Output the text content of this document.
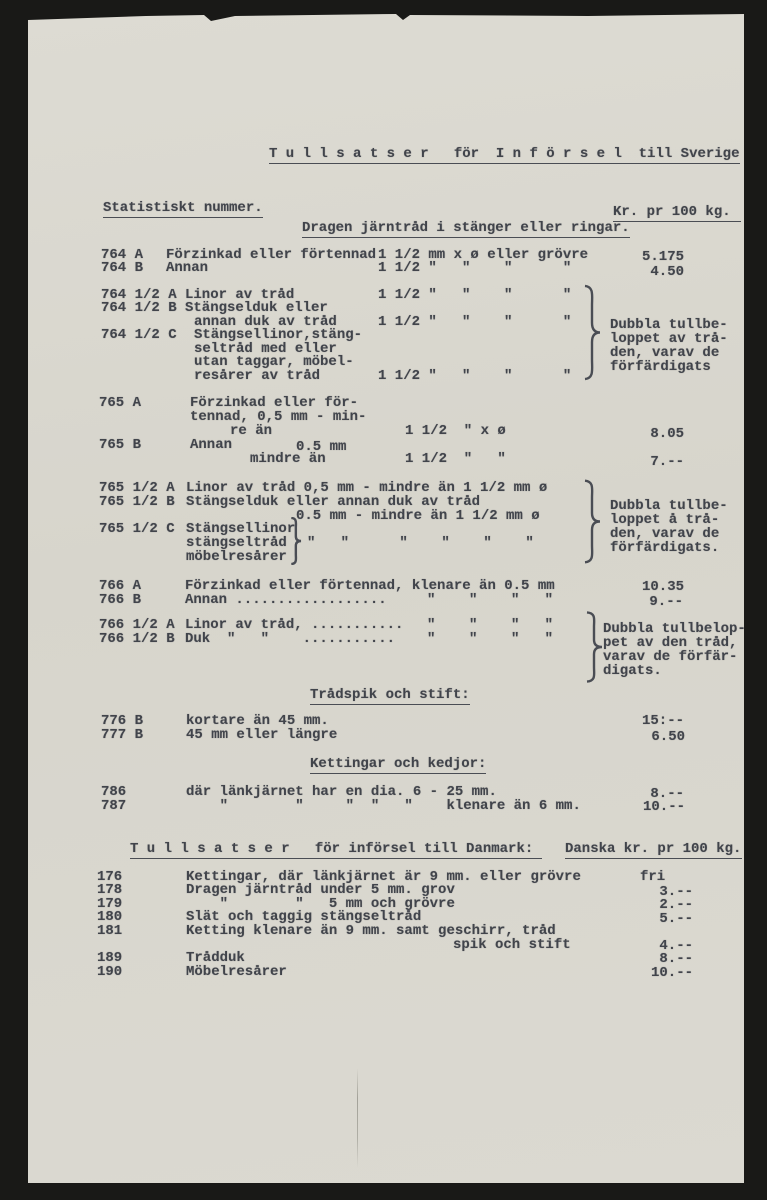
T u l l s a t s e r   för  I n f ö r s e l  till Sverige
Statistiskt nummer.	Kr. pr 100 kg.
Dragen järntråd i stänger eller ringar.
764 A Förzinkad eller förtennad 1 1/2 mm x ø eller grövre	5.175
764 B Annan	1 1/2 "   "    "      "	4.50
764 1/2 A Linor av tråd	1 1/2 "   "    "      "
764 1/2 B Stängselduk eller
annan duk av tråd	1 1/2 "   "    "      "
764 1/2 C Stängsellinor,stäng-
seltråd med eller
utan taggar, möbel-
resårer av tråd	1 1/2 "   "    "      "
Dubbla tullbe-
loppet av trå-
den, varav de
förfärdigats
765 A	Förzinkad eller för-
tennad, 0,5 mm - min-
re än	1 1/2  " x ø	8.05
765 B	Annan	0.5 mm
mindre än	1 1/2  "   "	7.--
765 1/2 A Linor av tråd 0,5 mm - mindre än 1 1/2 mm ø
765 1/2 B Stängselduk eller annan duk av tråd
0.5 mm - mindre än 1 1/2 mm ø
765 1/2 C Stängsellinor
stängseltråd
möbelresårer
"   "      "    "    "    "
Dubbla tullbe-
loppet å trå-
den, varav de
förfärdigats.
766 A	Förzinkad eller förtennad, klenare än 0.5 mm	10.35
766 B	Annan ..................	"    "    "   "	9.--
766 1/2 A Linor av tråd, ........... "    "    "   "
766 1/2 B Duk  "   "    ........... "    "    "   "
Dubbla tullbelop-
pet av den tråd,
varav de förfär-
digats.
Trådspik och stift:
776 B	kortare än 45 mm.	15:--
777 B	45 mm eller längre	6.50
Kettingar och kedjor:
786	där länkjärnet har en dia. 6 - 25 mm.	8.--
787	"        "     "  "   "    klenare än 6 mm.	10.--
T u l l s a t s e r   för införsel till Danmark:	Danska kr. pr 100 kg.
176	Kettingar, där länkjärnet är 9 mm. eller grövre	fri
178	Dragen järntråd under 5 mm. grov	3.--
179	"        "   5 mm och grövre	2.--
180	Slät och taggig stängseltråd	5.--
181	Ketting klenare än 9 mm. samt geschirr, tråd
spik och stift	4.--
189	Trådduk	8.--
190	Möbelresårer	10.--
